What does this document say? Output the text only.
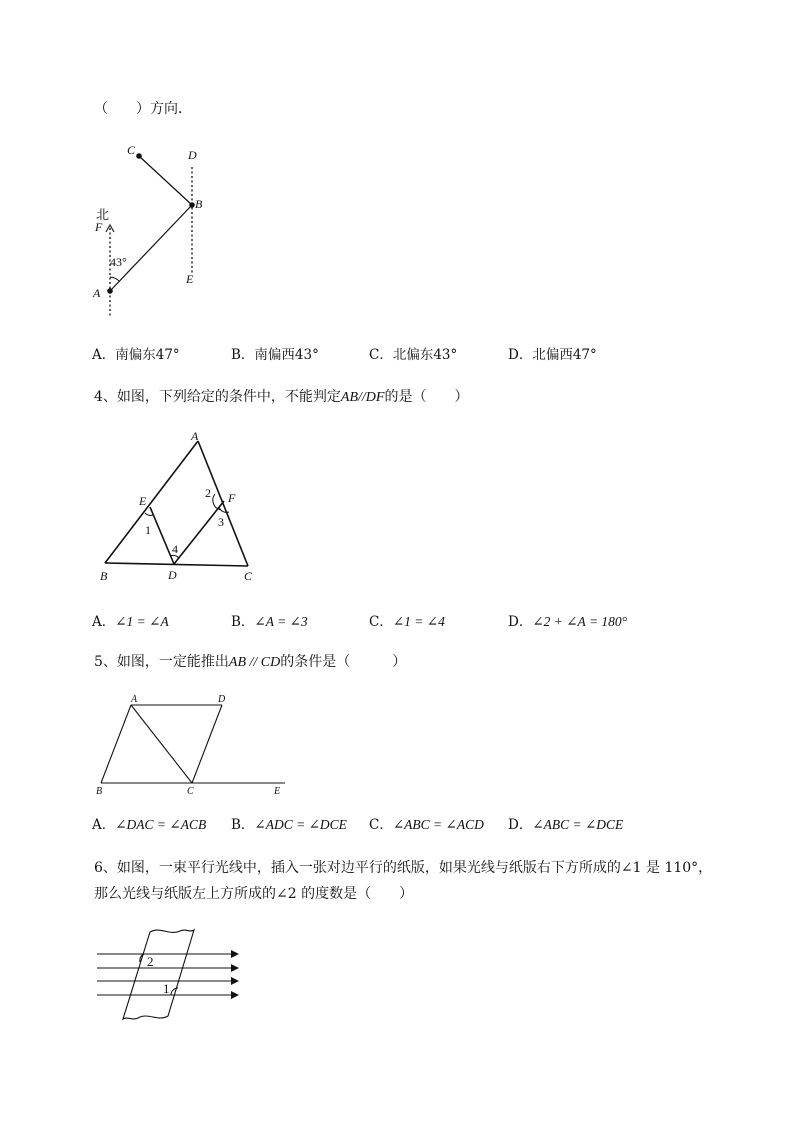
（　　）方向．
C	D
B
北
F
43°
A
E
A．南偏东47°	B．南偏西43°	C．北偏东43°	D．北偏西47°
4、如图，下列给定的条件中，不能判定AB//DF的是（　　）
A
E	F
B	D	C
1
2
3
4
A．∠1 = ∠A	B．∠A = ∠3	C．∠1 = ∠4	D．∠2 + ∠A = 180°
5、如图，一定能推出AB // CD的条件是（　　　）
A	D
B	C	E
A．∠DAC = ∠ACB B．∠ADC = ∠DCE C．∠ABC = ∠ACD D．∠ABC = ∠DCE
6、如图，一束平行光线中，插入一张对边平行的纸版，如果光线与纸版右下方所成的∠1 是 110°，
那么光线与纸版左上方所成的∠2 的度数是（　　）
2
1
